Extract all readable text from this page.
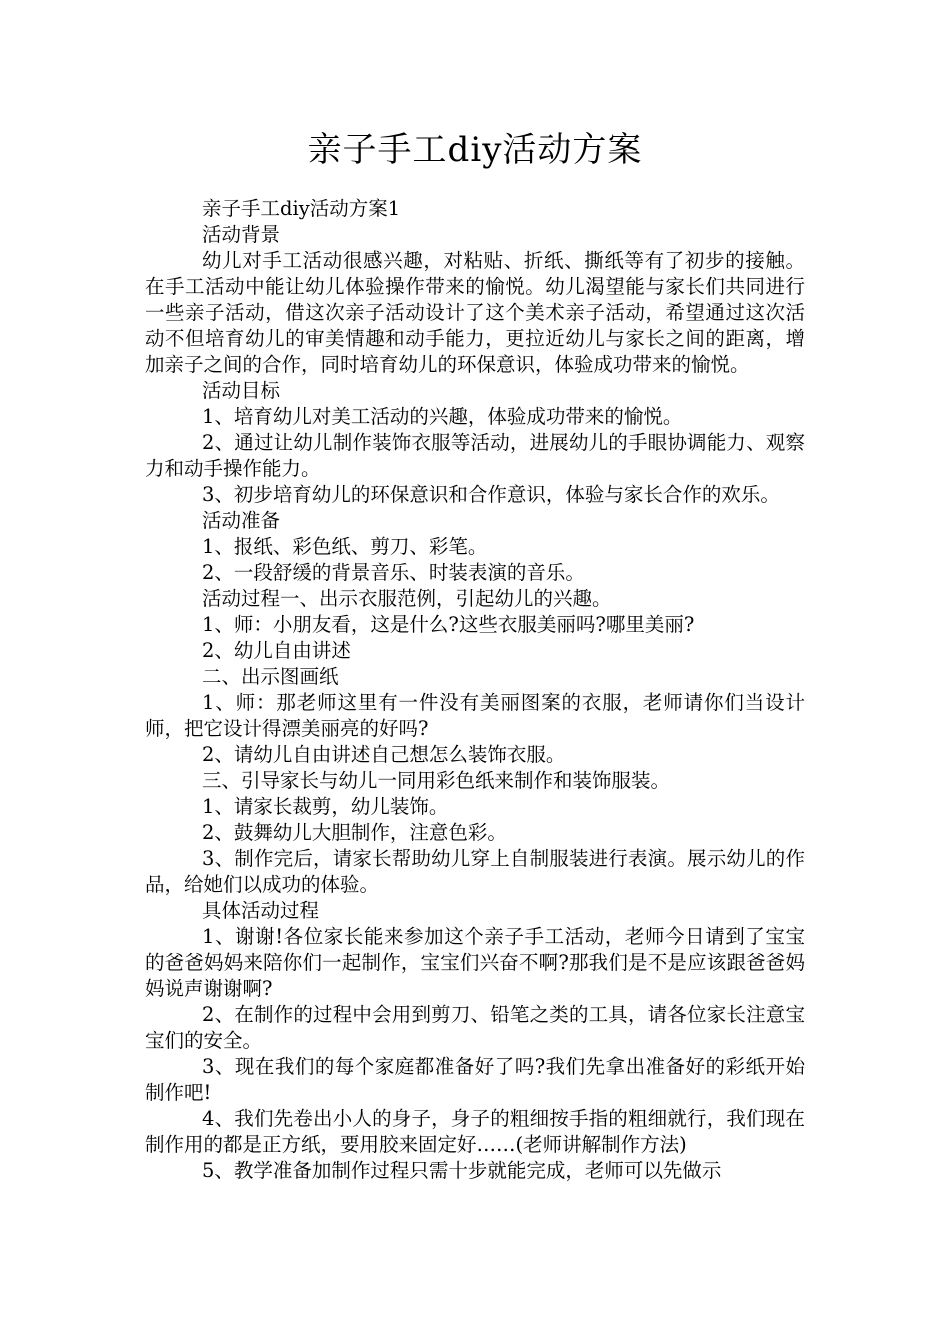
亲子手工diy活动方案

亲子手工diy活动方案1

活动背景

幼儿对手工活动很感兴趣，对粘贴、折纸、撕纸等有了初步的接触。在手工活动中能让幼儿体验操作带来的愉悦。幼儿渴望能与家长们共同进行一些亲子活动，借这次亲子活动设计了这个美术亲子活动，希望通过这次活动不但培育幼儿的审美情趣和动手能力，更拉近幼儿与家长之间的距离，增加亲子之间的合作，同时培育幼儿的环保意识，体验成功带来的愉悦。

活动目标

1、培育幼儿对美工活动的兴趣，体验成功带来的愉悦。

2、通过让幼儿制作装饰衣服等活动，进展幼儿的手眼协调能力、观察力和动手操作能力。

3、初步培育幼儿的环保意识和合作意识，体验与家长合作的欢乐。

活动准备

1、报纸、彩色纸、剪刀、彩笔。

2、一段舒缓的背景音乐、时装表演的音乐。

活动过程一、出示衣服范例，引起幼儿的兴趣。

1、师：小朋友看，这是什么?这些衣服美丽吗?哪里美丽?

2、幼儿自由讲述

二、出示图画纸

1、师：那老师这里有一件没有美丽图案的衣服，老师请你们当设计师，把它设计得漂美丽亮的好吗?

2、请幼儿自由讲述自己想怎么装饰衣服。

三、引导家长与幼儿一同用彩色纸来制作和装饰服装。

1、请家长裁剪，幼儿装饰。

2、鼓舞幼儿大胆制作，注意色彩。

3、制作完后，请家长帮助幼儿穿上自制服装进行表演。展示幼儿的作品，给她们以成功的体验。

具体活动过程

1、谢谢!各位家长能来参加这个亲子手工活动，老师今日请到了宝宝的爸爸妈妈来陪你们一起制作，宝宝们兴奋不啊?那我们是不是应该跟爸爸妈妈说声谢谢啊?

2、在制作的过程中会用到剪刀、铅笔之类的工具，请各位家长注意宝宝们的安全。

3、现在我们的每个家庭都准备好了吗?我们先拿出准备好的彩纸开始制作吧!

4、我们先卷出小人的身子，身子的粗细按手指的粗细就行，我们现在制作用的都是正方纸，要用胶来固定好……(老师讲解制作方法)

5、教学准备加制作过程只需十步就能完成，老师可以先做示
